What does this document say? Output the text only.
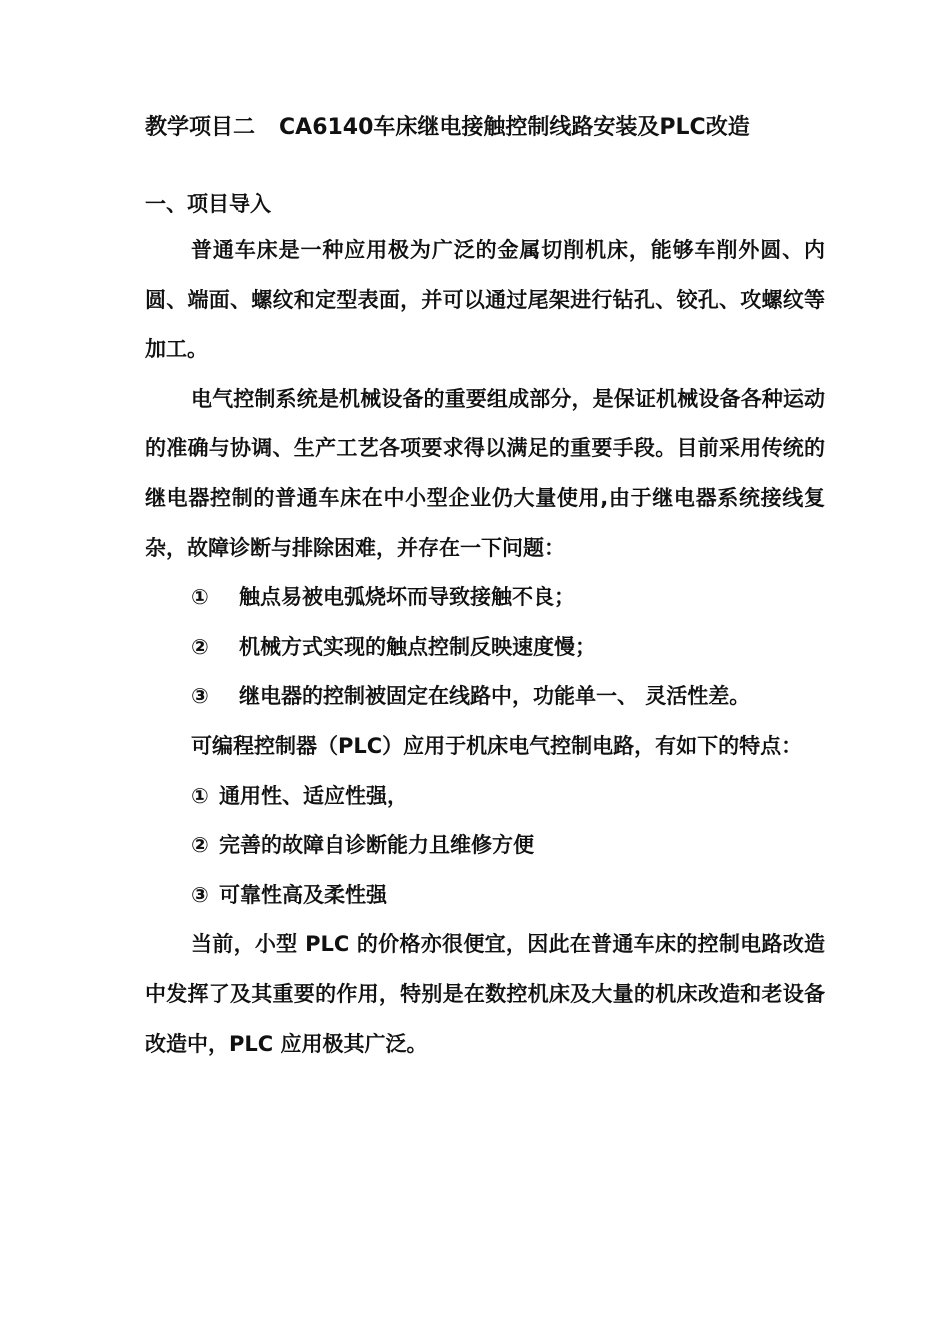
教学项目二 CA6140车床继电接触控制线路安装及PLC改造
一、项目导入

普通车床是一种应用极为广泛的金属切削机床，能够车削外圆、内圆、端面、螺纹和定型表面，并可以通过尾架进行钻孔、铰孔、攻螺纹等加工。

电气控制系统是机械设备的重要组成部分，是保证机械设备各种运动的准确与协调、生产工艺各项要求得以满足的重要手段。目前采用传统的继电器控制的普通车床在中小型企业仍大量使用,由于继电器系统接线复杂，故障诊断与排除困难，并存在一下问题：

① 触点易被电弧烧坏而导致接触不良；

② 机械方式实现的触点控制反映速度慢；

③ 继电器的控制被固定在线路中，功能单一、 灵活性差。

可编程控制器（PLC）应用于机床电气控制电路，有如下的特点：

① 通用性、适应性强，

② 完善的故障自诊断能力且维修方便

③ 可靠性高及柔性强

当前，小型 PLC 的价格亦很便宜，因此在普通车床的控制电路改造中发挥了及其重要的作用，特别是在数控机床及大量的机床改造和老设备改造中，PLC 应用极其广泛。
